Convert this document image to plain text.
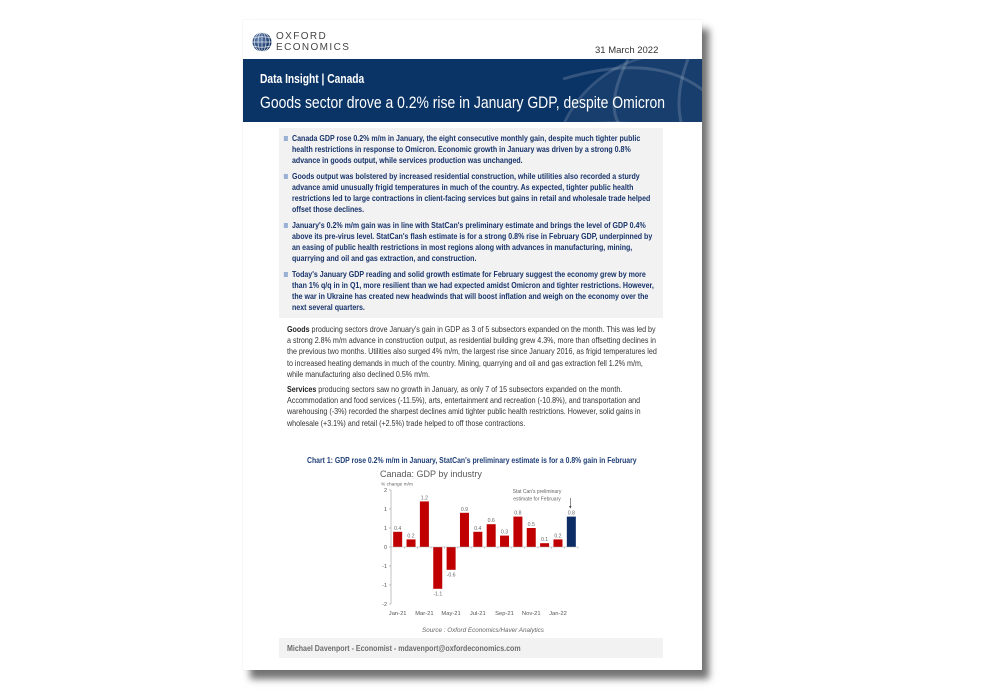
OXFORD
ECONOMICS	31 March 2022
Data Insight | Canada
Goods sector drove a 0.2% rise in January GDP, despite Omicron
Canada GDP rose 0.2% m/m in January, the eight consecutive monthly gain, despite much tighter public health restrictions in response to Omicron. Economic growth in January was driven by a strong 0.8% advance in goods output, while services production was unchanged.
Goods output was bolstered by increased residential construction, while utilities also recorded a sturdy advance amid unusually frigid temperatures in much of the country. As expected, tighter public health restrictions led to large contractions in client-facing services but gains in retail and wholesale trade helped offset those declines.
January's 0.2% m/m gain was in line with StatCan's preliminary estimate and brings the level of GDP 0.4% above its pre-virus level. StatCan's flash estimate is for a strong 0.8% rise in February GDP, underpinned by an easing of public health restrictions in most regions along with advances in manufacturing, mining, quarrying and oil and gas extraction, and construction.
Today's January GDP reading and solid growth estimate for February suggest the economy grew by more than 1% q/q in in Q1, more resilient than we had expected amidst Omicron and tighter restrictions. However, the war in Ukraine has created new headwinds that will boost inflation and weigh on the economy over the next several quarters.

Goods producing sectors drove January's gain in GDP as 3 of 5 subsectors expanded on the month. This was led by a strong 2.8% m/m advance in construction output, as residential building grew 4.3%, more than offsetting declines in the previous two months. Utilities also surged 4% m/m, the largest rise since January 2016, as frigid temperatures led to increased heating demands in much of the country. Mining, quarrying and oil and gas extraction fell 1.2% m/m, while manufacturing also declined 0.5% m/m.

Services producing sectors saw no growth in January, as only 7 of 15 subsectors expanded on the month. Accommodation and food services (-11.5%), arts, entertainment and recreation (-10.8%), and transportation and warehousing (-3%) recorded the sharpest declines amid tighter public health restrictions. However, solid gains in wholesale (+3.1%) and retail (+2.5%) trade helped to off those contractions.

Chart 1: GDP rose 0.2% m/m in January, StatCan's preliminary estimate is for a 0.8% gain in February
Canada: GDP by industry
% change m/m
2
1
1
0
-1
-1
-2
0.4
0.2
1.2
-1.1
-0.6
0.9
0.4
0.6
0.3
0.8
0.5
0.1
0.2
0.8
Jan-21 Mar-21 May-21 Jul-21 Sep-21 Nov-21 Jan-22
Stat Can's preliminary
estimate for February
Source : Oxford Economics/Haver Analytics
Michael Davenport - Economist - mdavenport@oxfordeconomics.com
